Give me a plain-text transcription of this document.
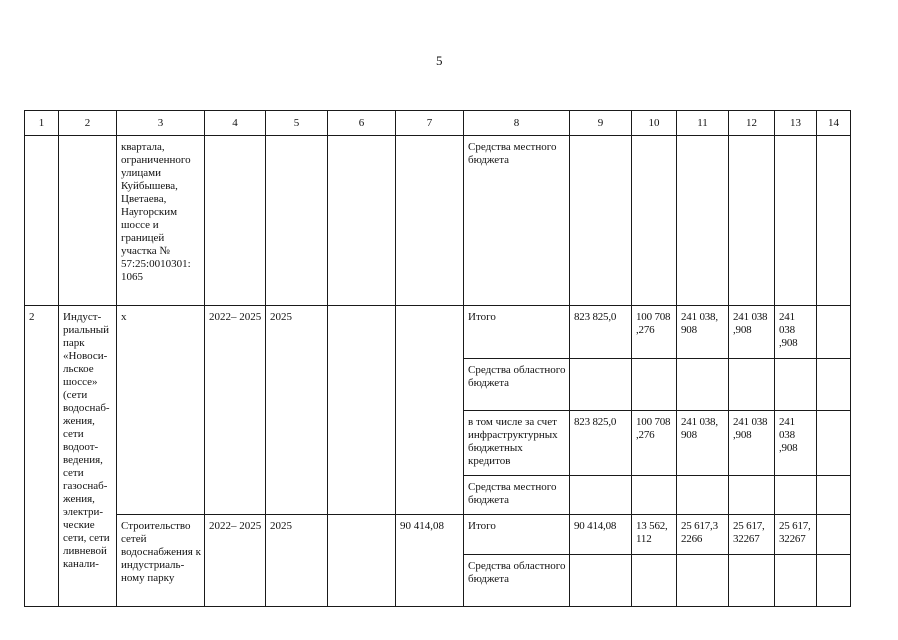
5
1	2	3	4	5	6	7	8	9	10	11	12	13	14
		квартала, ограниченного улицами Куйбышева, Цветаева, Наугорским шоссе и границей участка № 57:25:0010301: 1065					Средства местного бюджета						
2	Индуст-риальный парк «Новоси-льское шоссе» (сети водоснаб-жения, сети водоот-ведения, сети газоснаб-жения, электри-ческие сети, сети ливневой канали-	х	2022– 2025	2025			Итого	823 825,0	100 708 ,276	241 038, 908	241 038 ,908	241 038 ,908	
							Средства областного бюджета						
							в том числе за счет инфраструктурных бюджетных кредитов	823 825,0	100 708 ,276	241 038, 908	241 038 ,908	241 038 ,908	
							Средства местного бюджета						
		Строительство сетей водоснабжения к индустриаль-ному парку	2022– 2025	2025		90 414,08	Итого	90 414,08	13 562, 112	25 617,3 2266	25 617, 32267	25 617, 32267	
							Средства областного бюджета						
